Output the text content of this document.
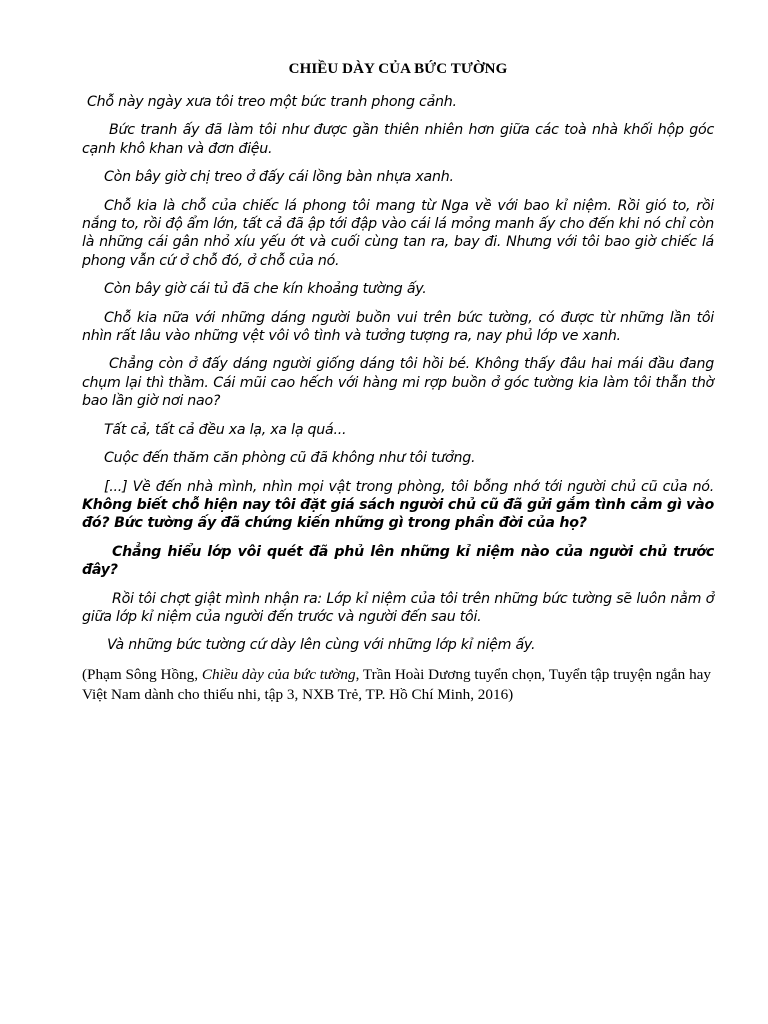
CHIỀU DÀY CỦA BỨC TƯỜNG

Chỗ này ngày xưa tôi treo một bức tranh phong cảnh.

Bức tranh ấy đã làm tôi như được gần thiên nhiên hơn giữa các toà nhà khối hộp góc cạnh khô khan và đơn điệu.

Còn bây giờ chị treo ở đấy cái lồng bàn nhựa xanh.

Chỗ kia là chỗ của chiếc lá phong tôi mang từ Nga về với bao kỉ niệm. Rồi gió to, rồi nắng to, rồi độ ẩm lớn, tất cả đã ập tới đập vào cái lá mỏng manh ấy cho đến khi nó chỉ còn là những cái gân nhỏ xíu yếu ớt và cuối cùng tan ra, bay đi. Nhưng với tôi bao giờ chiếc lá phong vẫn cứ ở chỗ đó, ở chỗ của nó.

Còn bây giờ cái tủ đã che kín khoảng tường ấy.

Chỗ kia nữa với những dáng người buồn vui trên bức tường, có được từ những lần tôi nhìn rất lâu vào những vệt vôi vô tình và tưởng tượng ra, nay phủ lớp ve xanh.

Chẳng còn ở đấy dáng người giống dáng tôi hồi bé. Không thấy đâu hai mái đầu đang chụm lại thì thầm. Cái mũi cao hếch với hàng mi rợp buồn ở góc tường kia làm tôi thẫn thờ bao lần giờ nơi nao?

Tất cả, tất cả đều xa lạ, xa lạ quá...

Cuộc đến thăm căn phòng cũ đã không như tôi tưởng.

[...] Về đến nhà mình, nhìn mọi vật trong phòng, tôi bỗng nhớ tới người chủ cũ của nó. Không biết chỗ hiện nay tôi đặt giá sách người chủ cũ đã gửi gắm tình cảm gì vào đó? Bức tường ấy đã chứng kiến những gì trong phần đời của họ?

Chẳng hiểu lớp vôi quét đã phủ lên những kỉ niệm nào của người chủ trước đây?

Rồi tôi chợt giật mình nhận ra: Lớp kỉ niệm của tôi trên những bức tường sẽ luôn nằm ở giữa lớp kỉ niệm của người đến trước và người đến sau tôi.

Và những bức tường cứ dày lên cùng với những lớp kỉ niệm ấy.

(Phạm Sông Hồng, Chiều dày của bức tường, Trần Hoài Dương tuyển chọn, Tuyển tập truyện ngắn hay Việt Nam dành cho thiếu nhi, tập 3, NXB Trẻ, TP. Hồ Chí Minh, 2016)
